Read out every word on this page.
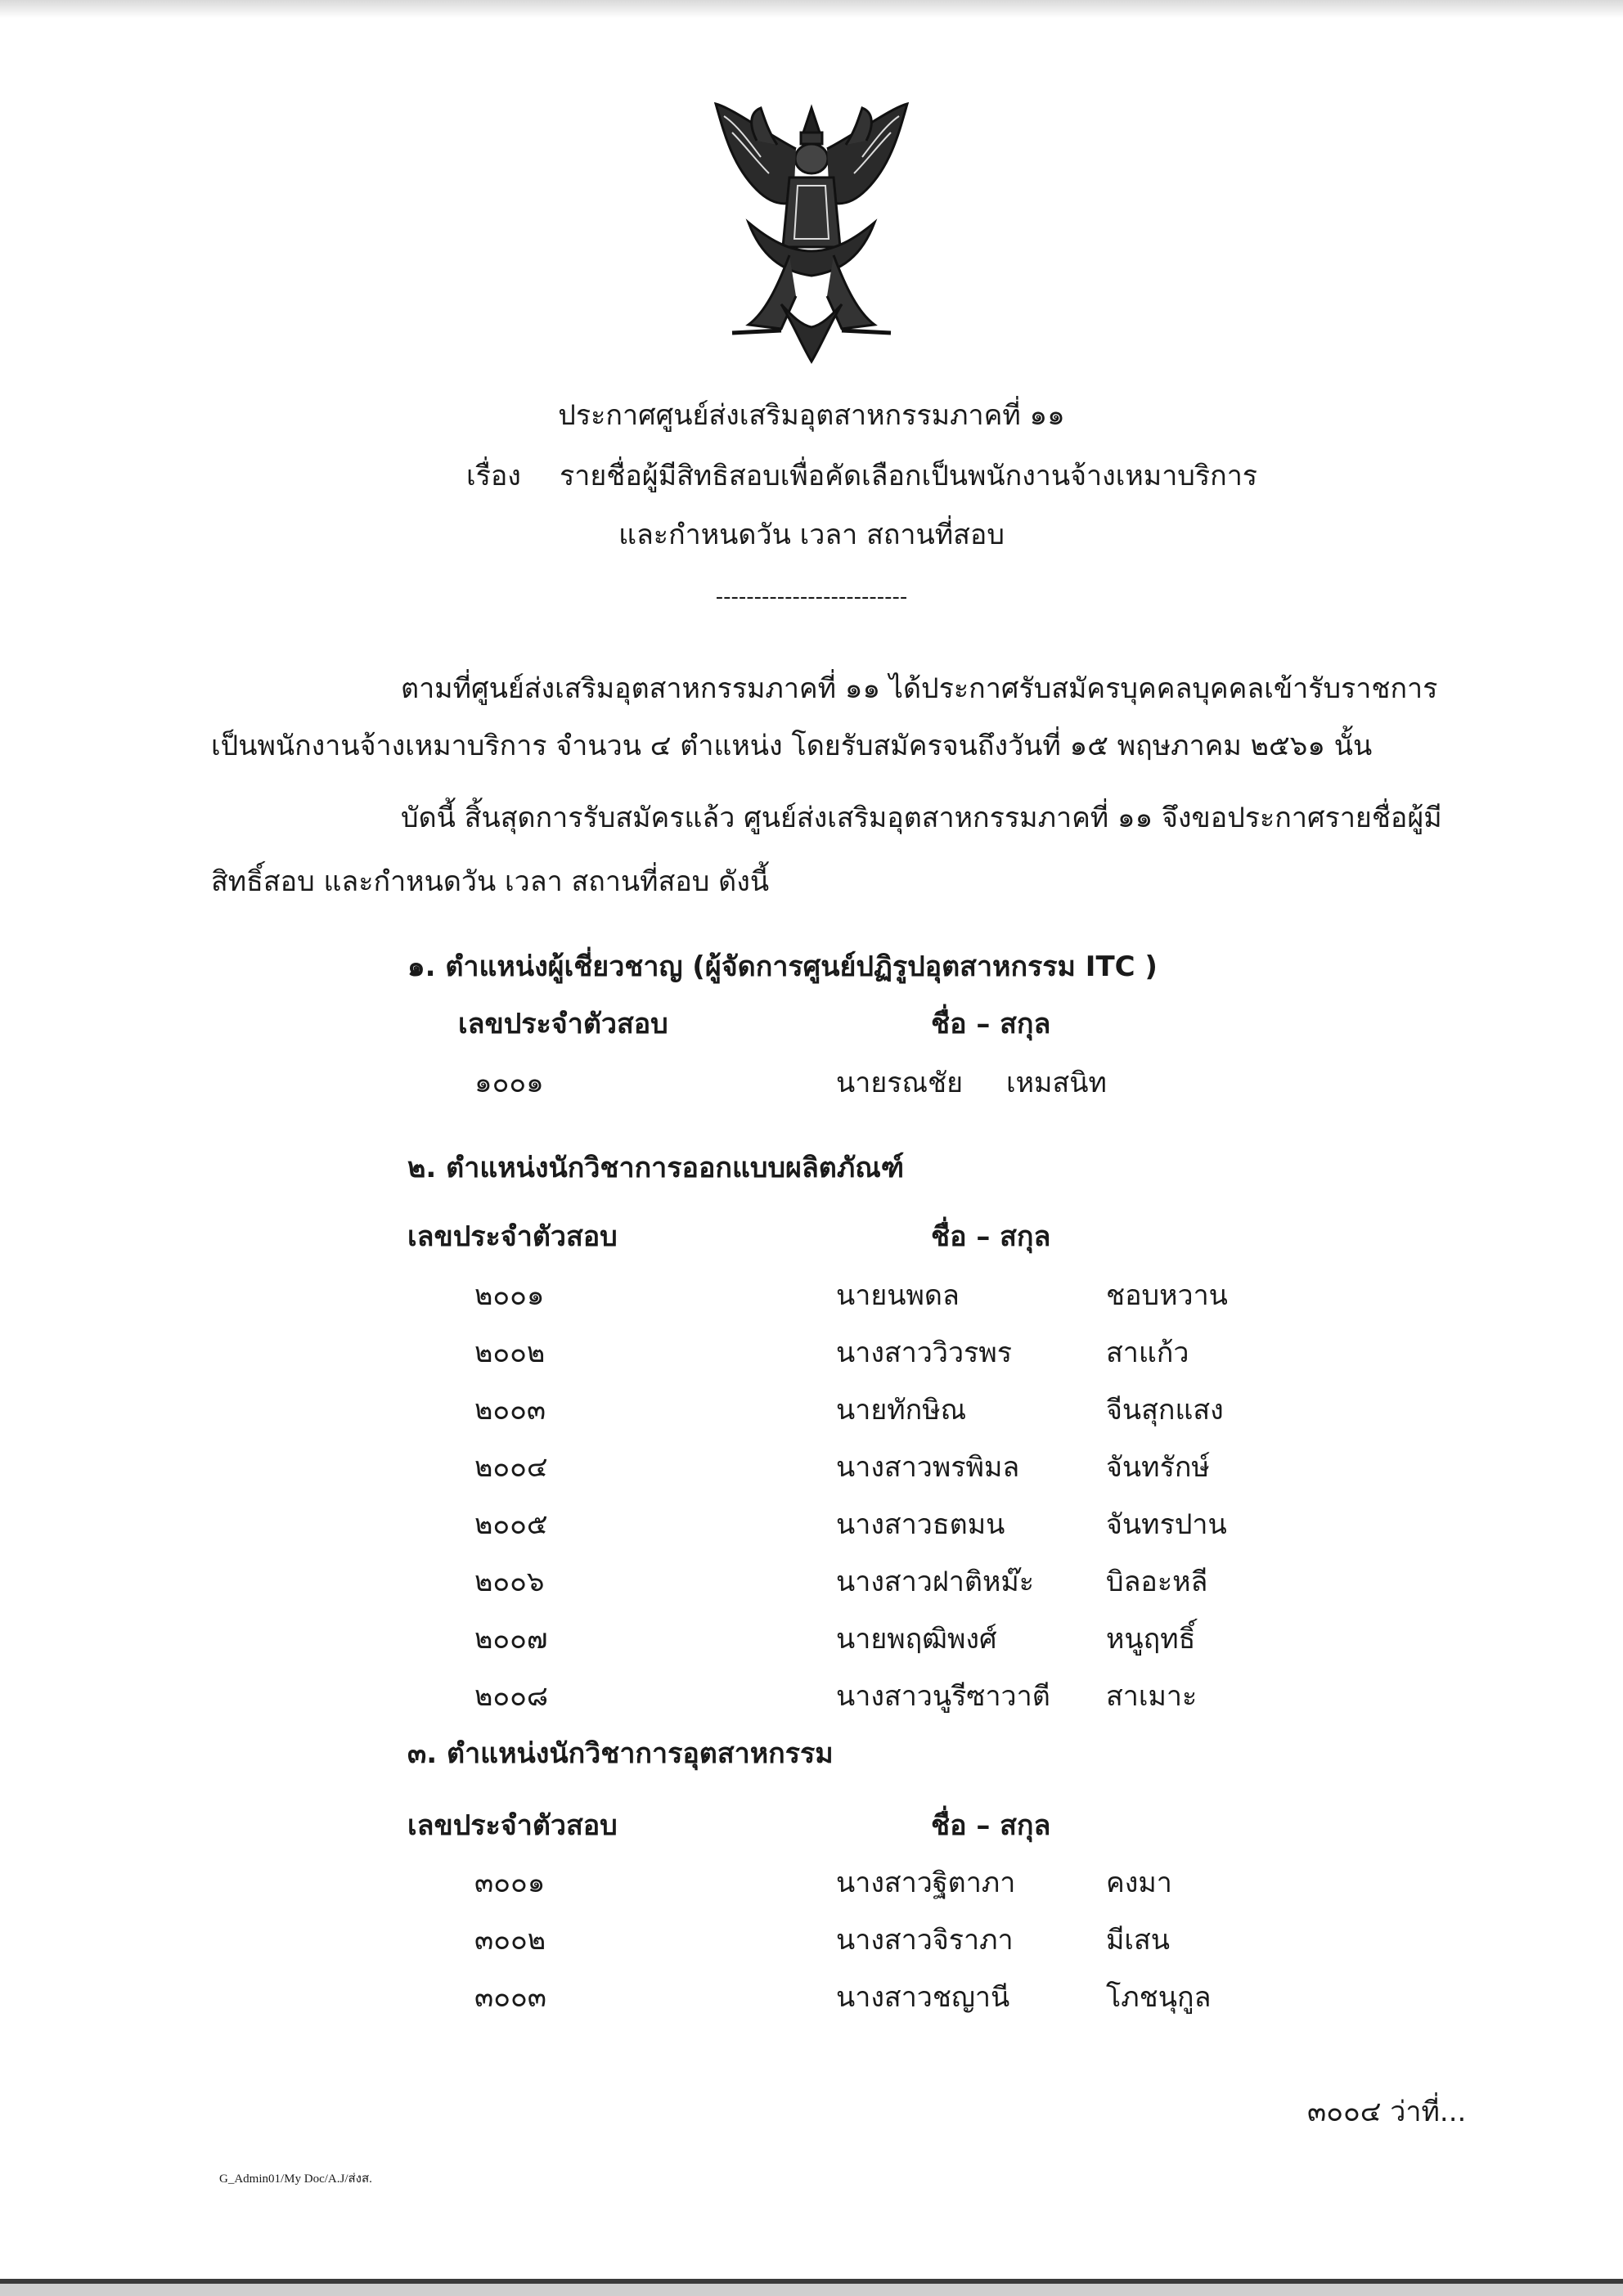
ประกาศศูนย์ส่งเสริมอุตสาหกรรมภาคที่ ๑๑
เรื่อง รายชื่อผู้มีสิทธิสอบเพื่อคัดเลือกเป็นพนักงานจ้างเหมาบริการ
และกำหนดวัน เวลา สถานที่สอบ
-------------------------
ตามที่ศูนย์ส่งเสริมอุตสาหกรรมภาคที่ ๑๑ ได้ประกาศรับสมัครบุคคลบุคคลเข้ารับราชการ
เป็นพนักงานจ้างเหมาบริการ จำนวน ๔ ตำแหน่ง โดยรับสมัครจนถึงวันที่ ๑๕ พฤษภาคม ๒๕๖๑ นั้น
บัดนี้ สิ้นสุดการรับสมัครแล้ว ศูนย์ส่งเสริมอุตสาหกรรมภาคที่ ๑๑ จึงขอประกาศรายชื่อผู้มี
สิทธิ์สอบ และกำหนดวัน เวลา สถานที่สอบ ดังนี้
๑. ตำแหน่งผู้เชี่ยวชาญ (ผู้จัดการศูนย์ปฏิรูปอุตสาหกรรม ITC )
เลขประจำตัวสอบ	ชื่อ – สกุล
๑๐๐๑	นายรณชัย เหมสนิท
๒. ตำแหน่งนักวิชาการออกแบบผลิตภัณฑ์
เลขประจำตัวสอบ	ชื่อ – สกุล
๒๐๐๑	นายนพดล	ชอบหวาน
๒๐๐๒	นางสาววิวรพร	สาแก้ว
๒๐๐๓	นายทักษิณ	จีนสุกแสง
๒๐๐๔	นางสาวพรพิมล	จันทรักษ์
๒๐๐๕	นางสาวธตมน	จันทรปาน
๒๐๐๖	นางสาวฝาติหม๊ะ	บิลอะหลี
๒๐๐๗	นายพฤฒิพงศ์	หนูฤทธิ์
๒๐๐๘	นางสาวนูรีซาวาตี สาเมาะ
๓. ตำแหน่งนักวิชาการอุตสาหกรรม
เลขประจำตัวสอบ	ชื่อ – สกุล
๓๐๐๑	นางสาวฐิตาภา	คงมา
๓๐๐๒	นางสาวจิราภา	มีเสน
๓๐๐๓	นางสาวชญานี	โภชนุกูล
๓๐๐๔ ว่าที่...
G_Admin01/My Doc/A.J/ส่งส.
